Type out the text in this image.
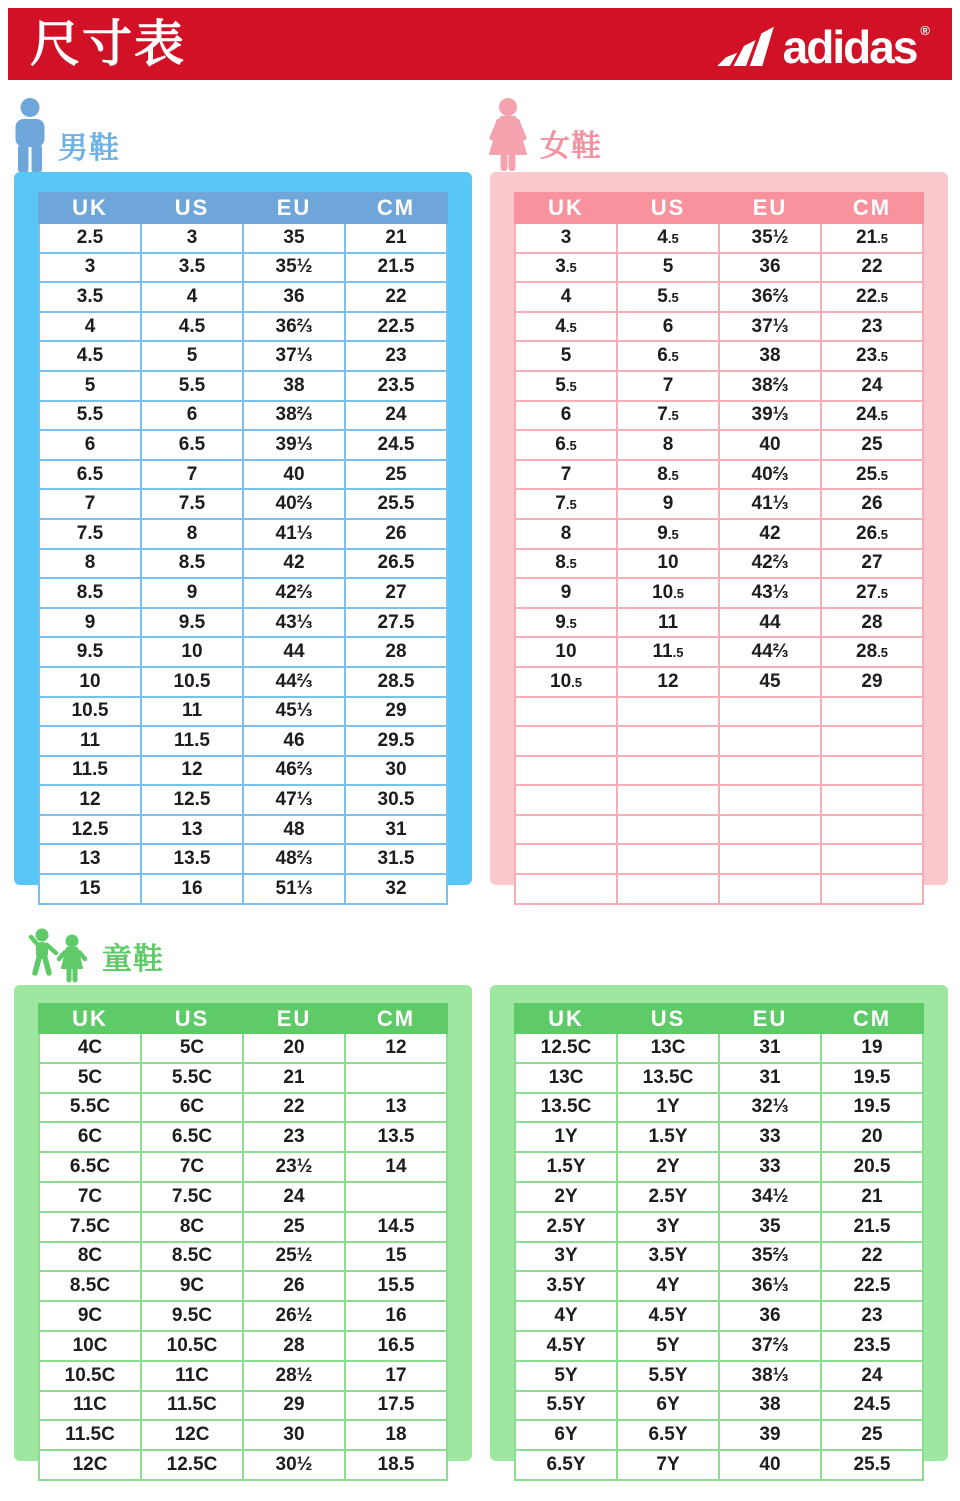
尺寸表	adidas ®
男鞋	女鞋
童鞋
UK	US	EU	CM
2.5	3	35	21
3	3.5	35½	21.5
3.5	4	36	22
4	4.5	36⅔	22.5
4.5	5	37⅓	23
5	5.5	38	23.5
5.5	6	38⅔	24
6	6.5	39⅓	24.5
6.5	7	40	25
7	7.5	40⅔	25.5
7.5	8	41⅓	26
8	8.5	42	26.5
8.5	9	42⅔	27
9	9.5	43⅓	27.5
9.5	10	44	28
10	10.5	44⅔	28.5
10.5	11	45⅓	29
11	11.5	46	29.5
11.5	12	46⅔	30
12	12.5	47⅓	30.5
12.5	13	48	31
13	13.5	48⅔	31.5
15	16	51⅓	32
UK	US	EU	CM
3	4.5	35½	21.5
3.5	5	36	22
4	5.5	36⅔	22.5
4.5	6	37⅓	23
5	6.5	38	23.5
5.5	7	38⅔	24
6	7.5	39⅓	24.5
6.5	8	40	25
7	8.5	40⅔	25.5
7.5	9	41⅓	26
8	9.5	42	26.5
8.5	10	42⅔	27
9	10.5	43⅓	27.5
9.5	11	44	28
10	11.5	44⅔	28.5
10.5	12	45	29

UK	US	EU	CM
4C	5C	20	12
5C	5.5C	21	
5.5C	6C	22	13
6C	6.5C	23	13.5
6.5C	7C	23½	14
7C	7.5C	24	
7.5C	8C	25	14.5
8C	8.5C	25½	15
8.5C	9C	26	15.5
9C	9.5C	26½	16
10C	10.5C	28	16.5
10.5C	11C	28½	17
11C	11.5C	29	17.5
11.5C	12C	30	18
12C	12.5C	30½	18.5
UK	US	EU	CM
12.5C	13C	31	19
13C	13.5C	31	19.5
13.5C	1Y	32⅓	19.5
1Y	1.5Y	33	20
1.5Y	2Y	33	20.5
2Y	2.5Y	34½	21
2.5Y	3Y	35	21.5
3Y	3.5Y	35⅔	22
3.5Y	4Y	36⅓	22.5
4Y	4.5Y	36	23
4.5Y	5Y	37⅔	23.5
5Y	5.5Y	38⅓	24
5.5Y	6Y	38	24.5
6Y	6.5Y	39	25
6.5Y	7Y	40	25.5
